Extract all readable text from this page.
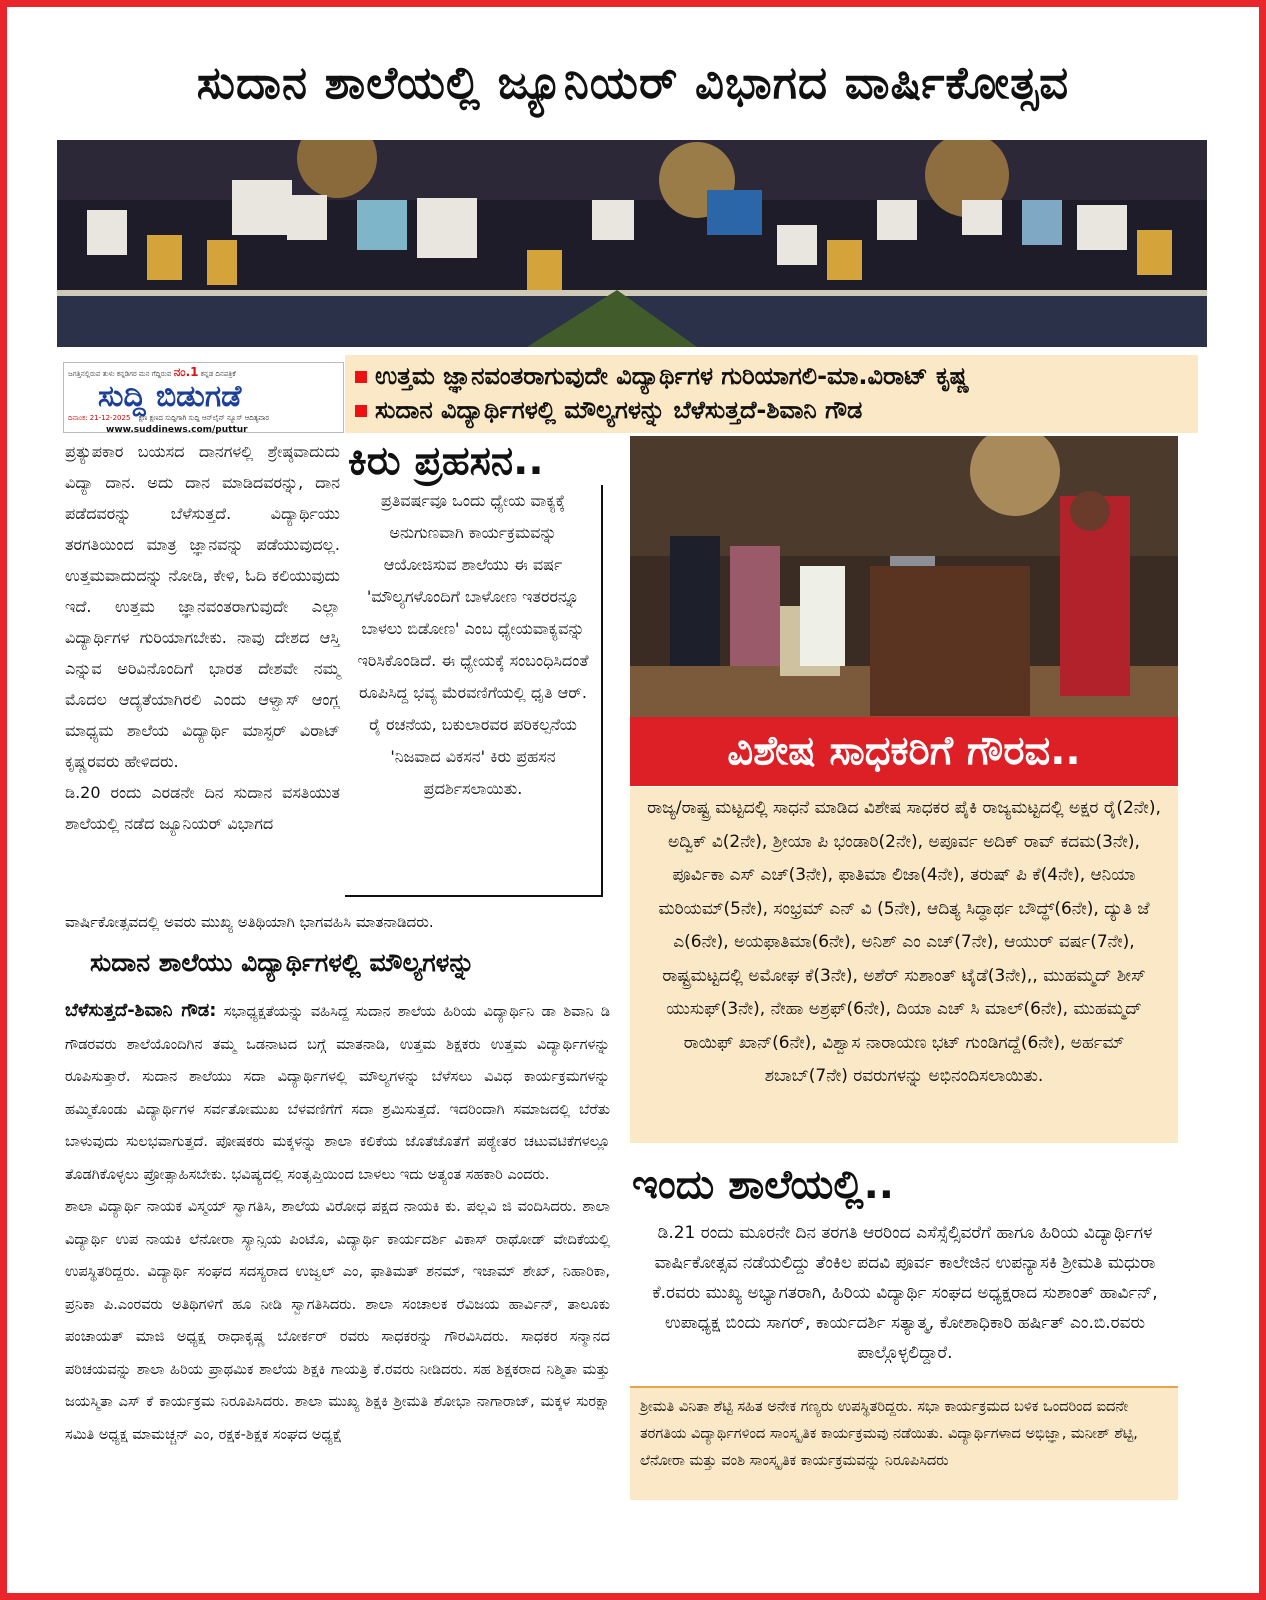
ಸುದಾನ ಶಾಲೆಯಲ್ಲಿ ಜ್ಯೂನಿಯರ್ ವಿಭಾಗದ ವಾರ್ಷಿಕೋತ್ಸವ
ಜಗತ್ತಿನಲ್ಲಿರುವ ತುಳು ಕನ್ನಡಿಗರ ಮನ ಗೆದ್ದಿರುವ ನಂ.1 ಕನ್ನಡ ದಿನಪತ್ರಿಕೆ
ಸುದ್ದಿ ಬಿಡುಗಡೆ
ದಿನಾಂಕ: 21-12-2025 ಕ್ಷಣ ಕ್ಷಣದ ಸುದ್ದಿಗಾಗಿ ಸುದ್ದಿ ಆನ್‌ಲೈನ್ ನ್ಯೂಸ್ ಆದಿತ್ಯವಾರ
www.suddinews.com/puttur
ಉತ್ತಮ ಜ್ಞಾನವಂತರಾಗುವುದೇ ವಿದ್ಯಾರ್ಥಿಗಳ ಗುರಿಯಾಗಲಿ-ಮಾ.ವಿರಾಟ್ ಕೃಷ್ಣ
ಸುದಾನ ವಿದ್ಯಾರ್ಥಿಗಳಲ್ಲಿ ಮೌಲ್ಯಗಳನ್ನು ಬೆಳೆಸುತ್ತದೆ-ಶಿವಾನಿ ಗೌಡ

ಪ್ರತ್ಯುಪಕಾರ ಬಯಸದ ದಾನಗಳಲ್ಲಿ ಶ್ರೇಷ್ಠವಾದುದು ವಿದ್ಯಾ ದಾನ. ಅದು ದಾನ ಮಾಡಿದವರನ್ನು, ದಾನ ಪಡೆದವರನ್ನು ಬೆಳೆಸುತ್ತದೆ. ವಿದ್ಯಾರ್ಥಿಯು ತರಗತಿಯಿಂದ ಮಾತ್ರ ಜ್ಞಾನವನ್ನು ಪಡೆಯುವುದಲ್ಲ. ಉತ್ತಮವಾದುದನ್ನು ನೋಡಿ, ಕೇಳಿ, ಓದಿ ಕಲಿಯುವುದು ಇದೆ. ಉತ್ತಮ ಜ್ಞಾನವಂತರಾಗುವುದೇ ಎಲ್ಲಾ ವಿದ್ಯಾರ್ಥಿಗಳ ಗುರಿಯಾಗಬೇಕು. ನಾವು ದೇಶದ ಆಸ್ತಿ ಎನ್ನುವ ಅರಿವಿನೊಂದಿಗೆ ಭಾರತ ದೇಶವೇ ನಮ್ಮ ಮೊದಲ ಆದ್ಯತೆಯಾಗಿರಲಿ ಎಂದು ಆಳ್ವಾಸ್ ಆಂಗ್ಲ ಮಾಧ್ಯಮ ಶಾಲೆಯ ವಿದ್ಯಾರ್ಥಿ ಮಾಸ್ಟರ್ ವಿರಾಟ್ ಕೃಷ್ಣರವರು ಹೇಳಿದರು.

ಡಿ.20 ರಂದು ಎರಡನೇ ದಿನ ಸುದಾನ ವಸತಿಯುತ ಶಾಲೆಯಲ್ಲಿ ನಡೆದ ಜ್ಯೂನಿಯರ್ ವಿಭಾಗದ

ಕಿರು ಪ್ರಹಸನ..
ಪ್ರತಿವರ್ಷವೂ ಒಂದು ಧ್ಯೇಯ ವಾಕ್ಯಕ್ಕೆ ಅನುಗುಣವಾಗಿ ಕಾರ್ಯಕ್ರಮವನ್ನು ಆಯೋಜಿಸುವ ಶಾಲೆಯು ಈ ವರ್ಷ 'ಮೌಲ್ಯಗಳೊಂದಿಗೆ ಬಾಳೋಣ ಇತರರನ್ನೂ ಬಾಳಲು ಬಿಡೋಣ' ಎಂಬ ಧ್ಯೇಯವಾಕ್ಯವನ್ನು ಇರಿಸಿಕೊಂಡಿದೆ. ಈ ಧ್ಯೇಯಕ್ಕೆ ಸಂಬಂಧಿಸಿದಂತೆ ರೂಪಿಸಿದ್ದ ಭವ್ಯ ಮೆರವಣಿಗೆಯಲ್ಲಿ ಧೃತಿ ಆರ್. ರೈ ರಚನೆಯ, ಬಕುಲಾರವರ ಪರಿಕಲ್ಪನೆಯ 'ನಿಜವಾದ ವಿಕಸನ' ಕಿರು ಪ್ರಹಸನ ಪ್ರದರ್ಶಿಸಲಾಯಿತು.
ವಾರ್ಷಿಕೋತ್ಸವದಲ್ಲಿ ಅವರು ಮುಖ್ಯ ಅತಿಥಿಯಾಗಿ ಭಾಗವಹಿಸಿ ಮಾತನಾಡಿದರು.
ಸುದಾನ ಶಾಲೆಯು ವಿದ್ಯಾರ್ಥಿಗಳಲ್ಲಿ ಮೌಲ್ಯಗಳನ್ನು

ಬೆಳೆಸುತ್ತದೆ-ಶಿವಾನಿ ಗೌಡ: ಸಭಾಧ್ಯಕ್ಷತೆಯನ್ನು ವಹಿಸಿದ್ದ ಸುದಾನ ಶಾಲೆಯ ಹಿರಿಯ ವಿದ್ಯಾರ್ಥಿನಿ ಡಾ ಶಿವಾನಿ ಡಿ ಗೌಡರವರು ಶಾಲೆಯೊಂದಿಗಿನ ತಮ್ಮ ಒಡನಾಟದ ಬಗ್ಗೆ ಮಾತನಾಡಿ, ಉತ್ತಮ ಶಿಕ್ಷಕರು ಉತ್ತಮ ವಿದ್ಯಾರ್ಥಿಗಳನ್ನು ರೂಪಿಸುತ್ತಾರೆ. ಸುದಾನ ಶಾಲೆಯು ಸದಾ ವಿದ್ಯಾರ್ಥಿಗಳಲ್ಲಿ ಮೌಲ್ಯಗಳನ್ನು ಬೆಳೆಸಲು ವಿವಿಧ ಕಾರ್ಯಕ್ರಮಗಳನ್ನು ಹಮ್ಮಿಕೊಂಡು ವಿದ್ಯಾರ್ಥಿಗಳ ಸರ್ವತೋಮುಖ ಬೆಳವಣಿಗೆಗೆ ಸದಾ ಶ್ರಮಿಸುತ್ತದೆ. ಇದರಿಂದಾಗಿ ಸಮಾಜದಲ್ಲಿ ಬೆರೆತು ಬಾಳುವುದು ಸುಲಭವಾಗುತ್ತದೆ. ಪೋಷಕರು ಮಕ್ಕಳನ್ನು ಶಾಲಾ ಕಲಿಕೆಯ ಜೊತೆಜೊತೆಗೆ ಪಠ್ಯೇತರ ಚಟುವಟಿಕೆಗಳಲ್ಲೂ ತೊಡಗಿಕೊಳ್ಳಲು ಪ್ರೋತ್ಸಾಹಿಸಬೇಕು. ಭವಿಷ್ಯದಲ್ಲಿ ಸಂತೃಪ್ತಿಯಿಂದ ಬಾಳಲು ಇದು ಅತ್ಯಂತ ಸಹಕಾರಿ ಎಂದರು.

ಶಾಲಾ ವಿದ್ಯಾರ್ಥಿ ನಾಯಕ ವಿಸ್ಮಯ್ ಸ್ವಾಗತಿಸಿ, ಶಾಲೆಯ ವಿರೋಧ ಪಕ್ಷದ ನಾಯಕಿ ಕು. ಪಲ್ಲವಿ ಜಿ ವಂದಿಸಿದರು. ಶಾಲಾ ವಿದ್ಯಾರ್ಥಿ ಉಪ ನಾಯಕಿ ಲೆನೋರಾ ಸ್ಯಾನ್ಸಿಯ ಪಿಂಟೊ, ವಿದ್ಯಾರ್ಥಿ ಕಾರ್ಯದರ್ಶಿ ವಿಕಾಸ್ ರಾಥೋಡ್ ವೇದಿಕೆಯಲ್ಲಿ ಉಪಸ್ಥಿತರಿದ್ದರು. ವಿದ್ಯಾರ್ಥಿ ಸಂಘದ ಸದಸ್ಯರಾದ ಉಜ್ವಲ್ ಎಂ, ಫಾತಿಮತ್ ಶನಮ್, ಇಜಾಮ್ ಶೇಖ್, ನಿಹಾರಿಕಾ, ಪ್ರನಿಕಾ ಪಿ.ಎಂರವರು ಅತಿಥಿಗಳಿಗೆ ಹೂ ನೀಡಿ ಸ್ವಾಗತಿಸಿದರು. ಶಾಲಾ ಸಂಚಾಲಕ ರೆವಿಜಯ ಹಾರ್ವಿನ್, ತಾಲೂಕು ಪಂಚಾಯತ್ ಮಾಜಿ ಅಧ್ಯಕ್ಷ ರಾಧಾಕೃಷ್ಣ ಬೋರ್ಕರ್ ರವರು ಸಾಧಕರನ್ನು ಗೌರವಿಸಿದರು. ಸಾಧಕರ ಸನ್ಮಾನದ ಪರಿಚಯವನ್ನು ಶಾಲಾ ಹಿರಿಯ ಪ್ರಾಥಮಿಕ ಶಾಲೆಯ ಶಿಕ್ಷಕಿ ಗಾಯತ್ರಿ ಕೆ.ರವರು ನೀಡಿದರು. ಸಹ ಶಿಕ್ಷಕರಾದ ನಿಶ್ಮಿತಾ ಮತ್ತು ಜಯಸ್ಮಿತಾ ಎಸ್ ಕೆ ಕಾರ್ಯಕ್ರಮ ನಿರೂಪಿಸಿದರು. ಶಾಲಾ ಮುಖ್ಯ ಶಿಕ್ಷಕಿ ಶ್ರೀಮತಿ ಶೋಭಾ ನಾಗಾರಾಜ್, ಮಕ್ಕಳ ಸುರಕ್ಷಾ ಸಮಿತಿ ಅಧ್ಯಕ್ಷ ಮಾಮಚ್ಚನ್ ಎಂ, ರಕ್ಷಕ-ಶಿಕ್ಷಕ ಸಂಘದ ಅಧ್ಯಕ್ಷೆ

ವಿಶೇಷ ಸಾಧಕರಿಗೆ ಗೌರವ..
ರಾಜ್ಯ/ರಾಷ್ಟ್ರ ಮಟ್ಟದಲ್ಲಿ ಸಾಧನೆ ಮಾಡಿದ ವಿಶೇಷ ಸಾಧಕರ ಪೈಕಿ ರಾಜ್ಯಮಟ್ಟದಲ್ಲಿ ಅಕ್ಷರ ರೈ(2ನೇ), ಅದ್ವಿಕ್ ವಿ(2ನೇ), ಶ್ರೀಯಾ ಪಿ ಭಂಡಾರಿ(2ನೇ), ಅಪೂರ್ವ ಅದಿಕ್ ರಾವ್ ಕದಮ(3ನೇ), ಪೂರ್ವಿಕಾ ಎಸ್ ಎಚ್(3ನೇ), ಫಾತಿಮಾ ಲಿಜಾ(4ನೇ), ತರುಷ್ ಪಿ ಕೆ(4ನೇ), ಆನಿಯಾ ಮರಿಯಮ್(5ನೇ), ಸಂಭ್ರಮ್ ಎನ್ ವಿ (5ನೇ), ಆದಿತ್ಯ ಸಿದ್ಧಾರ್ಥ ಬೌದ್ಧ್(6ನೇ), ದ್ಯುತಿ ಜೆ ಎ(6ನೇ), ಅಯಫಾತಿಮಾ(6ನೇ), ಅನಿಶ್ ಎಂ ಎಚ್(7ನೇ), ಆಯುರ್ ವರ್ಷ(7ನೇ), ರಾಷ್ಟ್ರಮಟ್ಟದಲ್ಲಿ ಅಮೋಘ ಕೆ(3ನೇ), ಅಶೆರ್ ಸುಶಾಂತ್ ಟೈಡೆ(3ನೇ),, ಮುಹಮ್ಮದ್ ಶೀಸ್ ಯುಸುಫ್(3ನೇ), ನೇಹಾ ಅಶ್ರಫ್(6ನೇ), ದಿಯಾ ಎಚ್ ಸಿ ಮಾಲ್(6ನೇ), ಮುಹಮ್ಮದ್ ರಾಯಿಫ್ ಖಾನ್(6ನೇ), ವಿಶ್ವಾಸ ನಾರಾಯಣ ಭಟ್ ಗುಂಡಿಗದ್ದೆ(6ನೇ), ಅರ್ಹಮ್ ಶಬಾಬ್(7ನೇ) ರವರುಗಳನ್ನು ಅಭಿನಂದಿಸಲಾಯಿತು.
ಇಂದು ಶಾಲೆಯಲ್ಲಿ..
ಡಿ.21 ರಂದು ಮೂರನೇ ದಿನ ತರಗತಿ ಆರರಿಂದ ಎಸೆಸ್ಸೆಲ್ಸಿವರೆಗೆ ಹಾಗೂ ಹಿರಿಯ ವಿದ್ಯಾರ್ಥಿಗಳ ವಾರ್ಷಿಕೋತ್ಸವ ನಡೆಯಲಿದ್ದು ತೆಂಕಿಲ ಪದವಿ ಪೂರ್ವ ಕಾಲೇಜಿನ ಉಪನ್ಯಾಸಕಿ ಶ್ರೀಮತಿ ಮಧುರಾ ಕೆ.ರವರು ಮುಖ್ಯ ಅಭ್ಯಾಗತರಾಗಿ, ಹಿರಿಯ ವಿದ್ಯಾರ್ಥಿ ಸಂಘದ ಅಧ್ಯಕ್ಷರಾದ ಸುಶಾಂತ್ ಹಾರ್ವಿನ್, ಉಪಾಧ್ಯಕ್ಷ ಬಿಂದು ಸಾಗರ್, ಕಾರ್ಯದರ್ಶಿ ಸತ್ಯಾತ್ಮ, ಕೋಶಾಧಿಕಾರಿ ಹರ್ಷಿತ್ ಎಂ.ಬಿ.ರವರು ಪಾಲ್ಗೊಳ್ಳಲಿದ್ದಾರೆ.
ಶ್ರೀಮತಿ ವಿನಿತಾ ಶೆಟ್ಟಿ ಸಹಿತ ಅನೇಕ ಗಣ್ಯರು ಉಪಸ್ಥಿತರಿದ್ದರು. ಸಭಾ ಕಾರ್ಯಕ್ರಮದ ಬಳಿಕ ಒಂದರಿಂದ ಐದನೇ ತರಗತಿಯ ವಿದ್ಯಾರ್ಥಿಗಳಿಂದ ಸಾಂಸ್ಕೃತಿಕ ಕಾರ್ಯಕ್ರಮವು ನಡೆಯಿತು. ವಿದ್ಯಾರ್ಥಿಗಳಾದ ಅಭಿಜ್ಞಾ, ಮನೀಶ್ ಶೆಟ್ಟಿ, ಲೆನೋರಾ ಮತ್ತು ವಂಶಿ ಸಾಂಸ್ಕೃತಿಕ ಕಾರ್ಯಕ್ರಮವನ್ನು ನಿರೂಪಿಸಿದರು
